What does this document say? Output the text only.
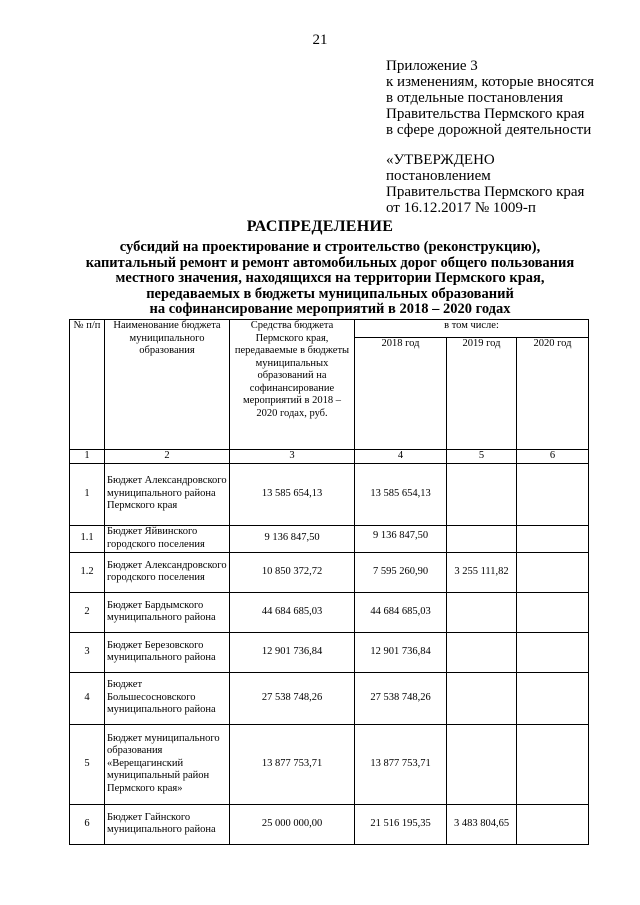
21
Приложение 3
к изменениям, которые вносятся
в отдельные постановления
Правительства Пермского края
в сфере дорожной деятельности
«УТВЕРЖДЕНО
постановлением
Правительства Пермского края
от 16.12.2017 № 1009-п
РАСПРЕДЕЛЕНИЕ
субсидий на проектирование и строительство (реконструкцию),
капитальный ремонт и ремонт автомобильных дорог общего пользования
местного значения, находящихся на территории Пермского края,
передаваемых в бюджеты муниципальных образований
на софинансирование мероприятий в 2018 – 2020 годах
№ п/п	Наименование бюджета муниципального образования	Средства бюджета Пермского края, передаваемые в бюджеты муниципальных образований на софинансирование мероприятий в 2018 – 2020 годах, руб.	в том числе:		
			2018 год	2019 год	2020 год
1	2	3	4	5	6
1	Бюджет Александровского муниципального района Пермского края	13 585 654,13	13 585 654,13		
1.1	Бюджет Яйвинского городского поселения	9 136 847,50	9 136 847,50		
1.2	Бюджет Александровского городского поселения	10 850 372,72	7 595 260,90	3 255 111,82	
2	Бюджет Бардымского муниципального района	44 684 685,03	44 684 685,03		
3	Бюджет Березовского муниципального района	12 901 736,84	12 901 736,84		
4	Бюджет Большесосновского муниципального района	27 538 748,26	27 538 748,26		
5	Бюджет муниципального образования «Верещагинский муниципальный район Пермского края»	13 877 753,71	13 877 753,71		
6	Бюджет Гайнского муниципального района	25 000 000,00	21 516 195,35	3 483 804,65	
